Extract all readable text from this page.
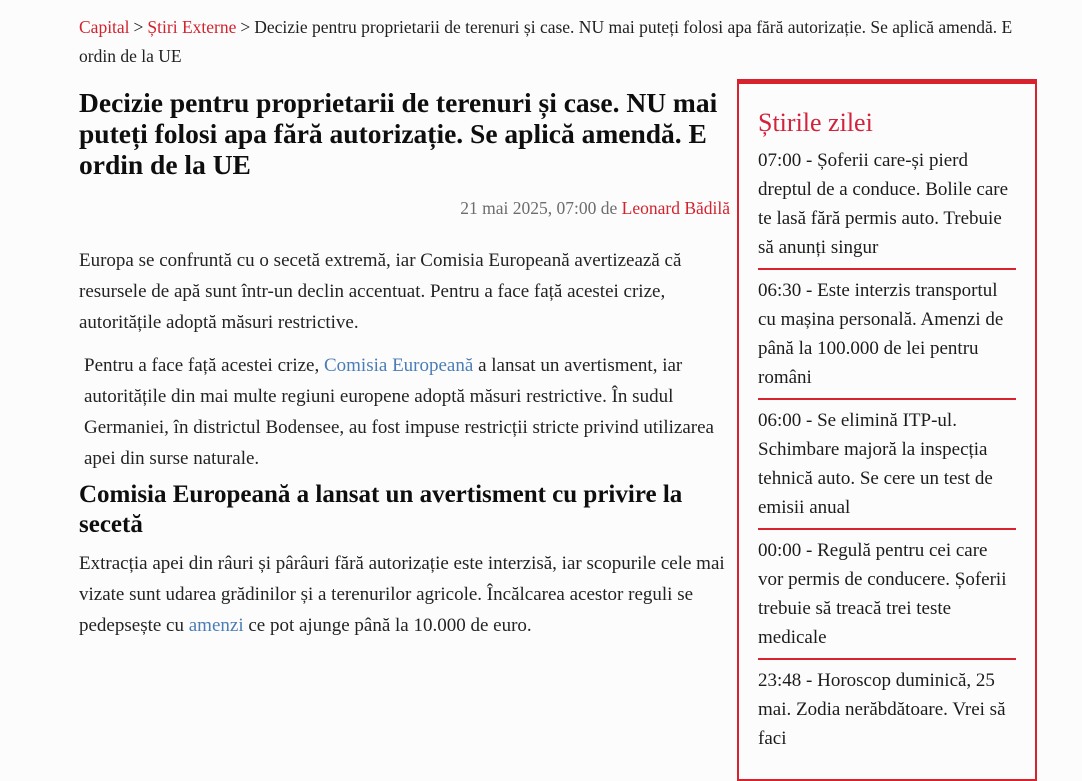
Capital > Știri Externe > Decizie pentru proprietarii de terenuri și case. NU mai puteți folosi apa fără autorizație. Se aplică amendă. E ordin de la UE
Decizie pentru proprietarii de terenuri și case. NU mai puteți folosi apa fără autorizație. Se aplică amendă. E ordin de la UE
21 mai 2025, 07:00 de Leonard Bădilă

Europa se confruntă cu o secetă extremă, iar Comisia Europeană avertizează că resursele de apă sunt într-un declin accentuat. Pentru a face față acestei crize, autoritățile adoptă măsuri restrictive.

Pentru a face față acestei crize, Comisia Europeană a lansat un avertisment, iar autoritățile din mai multe regiuni europene adoptă măsuri restrictive. În sudul Germaniei, în districtul Bodensee, au fost impuse restricții stricte privind utilizarea apei din surse naturale.

Comisia Europeană a lansat un avertisment cu privire la secetă

Extracția apei din râuri și pârâuri fără autorizație este interzisă, iar scopurile cele mai vizate sunt udarea grădinilor și a terenurilor agricole. Încălcarea acestor reguli se pedepsește cu amenzi ce pot ajunge până la 10.000 de euro.

Știrile zilei
07:00 - Șoferii care-și pierd dreptul de a conduce. Bolile care te lasă fără permis auto. Trebuie să anunți singur
06:30 - Este interzis transportul cu mașina personală. Amenzi de până la 100.000 de lei pentru români
06:00 - Se elimină ITP-ul. Schimbare majoră la inspecția tehnică auto. Se cere un test de emisii anual
00:00 - Regulă pentru cei care vor permis de conducere. Șoferii trebuie să treacă trei teste medicale
23:48 - Horoscop duminică, 25 mai. Zodia nerăbdătoare. Vrei să faci
